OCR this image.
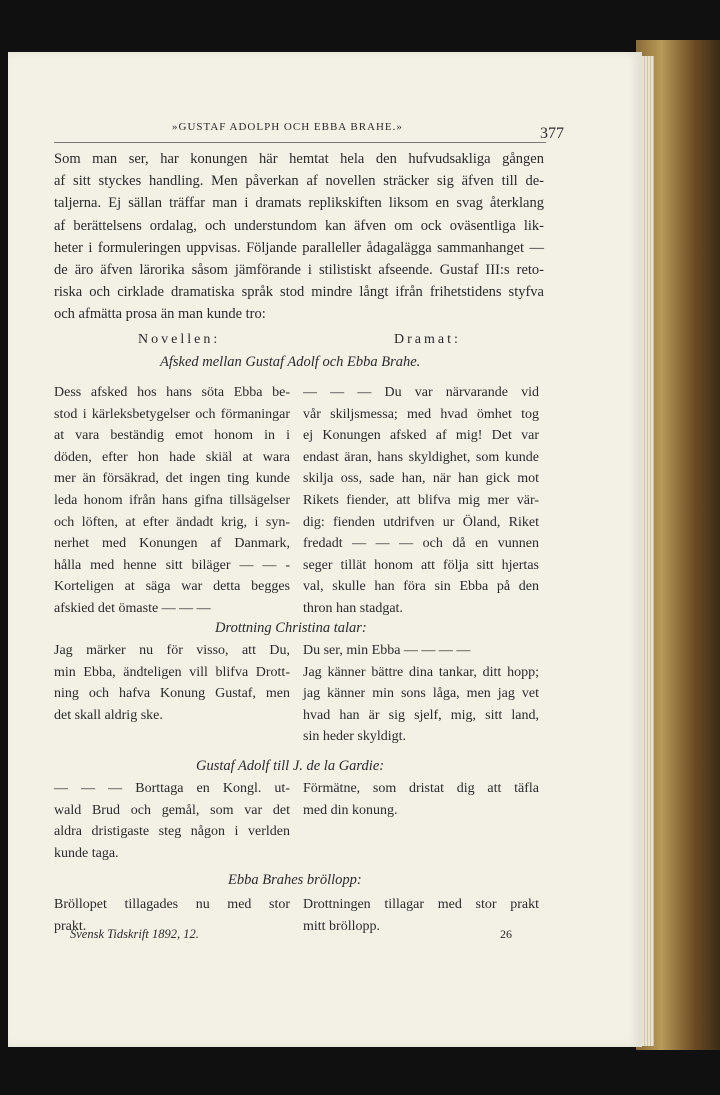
»GUSTAF ADOLPH OCH EBBA BRAHE.»	377
Som man ser, har konungen här hemtat hela den hufvudsakliga gången
af sitt styckes handling. Men påverkan af novellen sträcker sig äfven till de-
taljerna. Ej sällan träffar man i dramats replikskiften liksom en svag återklang
af berättelsens ordalag, och understundom kan äfven om ock oväsentliga lik-
heter i formuleringen uppvisas. Följande paralleller ådagalägga sammanhanget —
de äro äfven lärorika såsom jämförande i stilistiskt afseende. Gustaf III:s reto-
riska och cirklade dramatiska språk stod mindre långt ifrån frihetstidens styfva
och afmätta prosa än man kunde tro:
Novellen:	Dramat:
Afsked mellan Gustaf Adolf och Ebba Brahe.
Dess afsked hos hans söta Ebba be-
stod i kärleksbetygelser och förmaningar
at vara beständig emot honom in i
döden, efter hon hade skiäl at wara
mer än försäkrad, det ingen ting kunde
leda honom ifrån hans gifna tillsägelser
och löften, at efter ändadt krig, i syn-
nerhet med Konungen af Danmark,
hålla med henne sitt biläger — — -
Korteligen at säga war detta begges
afskied det ömaste — — —
— — — Du var närvarande vid
vår skiljsmessa; med hvad ömhet tog
ej Konungen afsked af mig! Det var
endast äran, hans skyldighet, som kunde
skilja oss, sade han, när han gick mot
Rikets fiender, att blifva mig mer vär-
dig: fienden utdrifven ur Öland, Riket
fredadt — — — och då en vunnen
seger tillät honom att följa sitt hjertas
val, skulle han föra sin Ebba på den
thron han stadgat.
Drottning Christina talar:
Jag märker nu för visso, att Du,
min Ebba, ändteligen vill blifva Drott-
ning och hafva Konung Gustaf, men
det skall aldrig ske.
Du ser, min Ebba — — — —
Jag känner bättre dina tankar, ditt hopp;
jag känner min sons låga, men jag vet
hvad han är sig sjelf, mig, sitt land,
sin heder skyldigt.
Gustaf Adolf till J. de la Gardie:
— — — Borttaga en Kongl. ut-
wald Brud och gemål, som var det
aldra dristigaste steg någon i verlden
kunde taga.
Förmätne, som dristat dig att täfla
med din konung.
Ebba Brahes bröllopp:
Bröllopet tillagades nu med stor
prakt.
Drottningen tillagar med stor prakt
mitt bröllopp.
Svensk Tidskrift 1892, 12.	26
